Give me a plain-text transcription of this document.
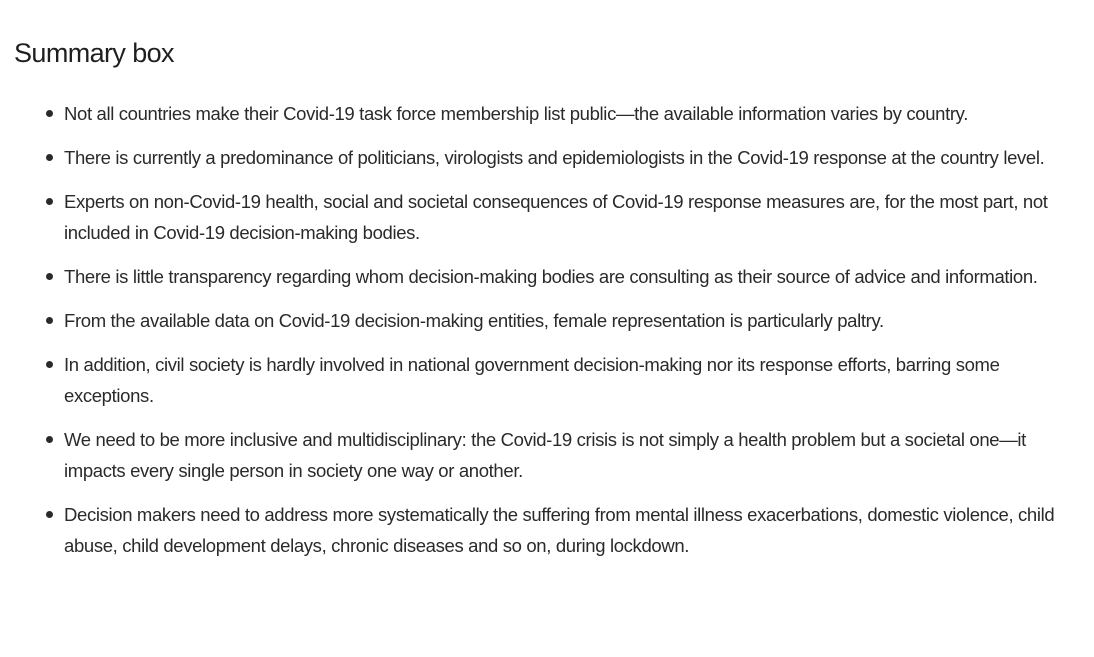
Summary box
Not all countries make their Covid-19 task force membership list public—the available information varies by country.
There is currently a predominance of politicians, virologists and epidemiologists in the Covid-19 response at the country level.
Experts on non-Covid-19 health, social and societal consequences of Covid-19 response measures are, for the most part, not included in Covid-19 decision-making bodies.
There is little transparency regarding whom decision-making bodies are consulting as their source of advice and information.
From the available data on Covid-19 decision-making entities, female representation is particularly paltry.
In addition, civil society is hardly involved in national government decision-making nor its response efforts, barring some exceptions.
We need to be more inclusive and multidisciplinary: the Covid-19 crisis is not simply a health problem but a societal one—it impacts every single person in society one way or another.
Decision makers need to address more systematically the suffering from mental illness exacerbations, domestic violence, child abuse, child development delays, chronic diseases and so on, during lockdown.
